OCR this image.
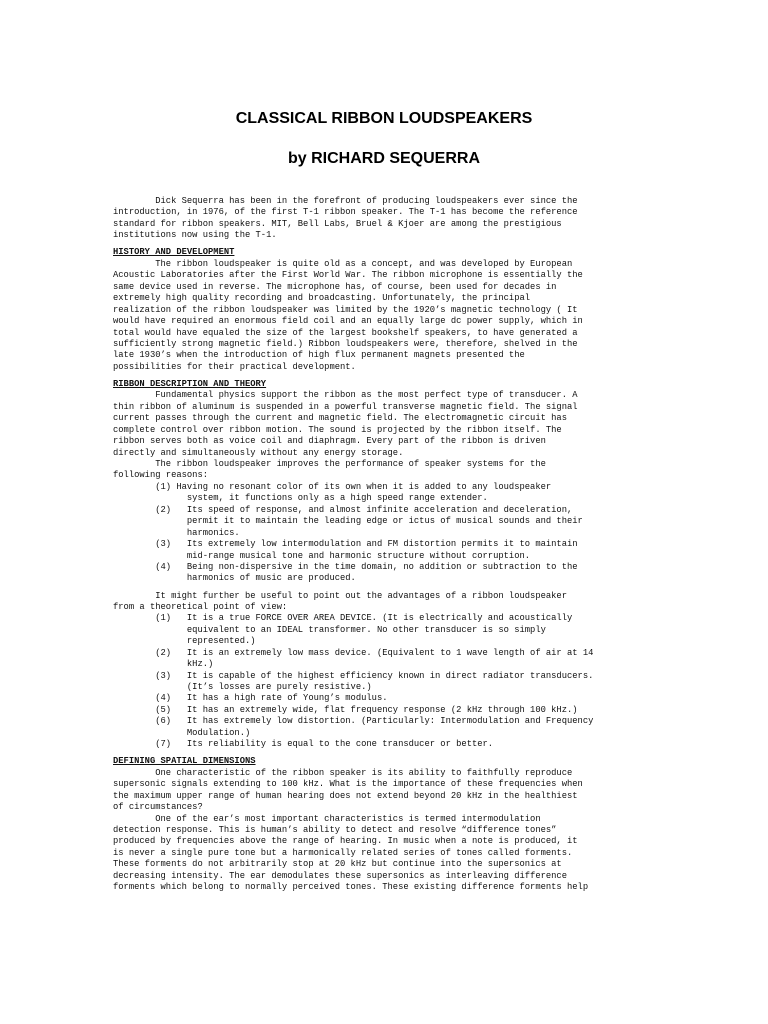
CLASSICAL RIBBON LOUDSPEAKERS
by RICHARD SEQUERRA
Dick Sequerra has been in the forefront of producing loudspeakers ever since the
introduction, in 1976, of the first T-1 ribbon speaker. The T-1 has become the reference
standard for ribbon speakers. MIT, Bell Labs, Bruel & Kjoer are among the prestigious
institutions now using the T-1.
HISTORY AND DEVELOPMENT
The ribbon loudspeaker is quite old as a concept, and was developed by European
Acoustic Laboratories after the First World War. The ribbon microphone is essentially the
same device used in reverse. The microphone has, of course, been used for decades in
extremely high quality recording and broadcasting. Unfortunately, the principal
realization of the ribbon loudspeaker was limited by the 1920’s magnetic technology ( It
would have required an enormous field coil and an equally large dc power supply, which in
total would have equaled the size of the largest bookshelf speakers, to have generated a
sufficiently strong magnetic field.) Ribbon loudspeakers were, therefore, shelved in the
late 1930’s when the introduction of high flux permanent magnets presented the
possibilities for their practical development.
RIBBON DESCRIPTION AND THEORY
Fundamental physics support the ribbon as the most perfect type of transducer. A
thin ribbon of aluminum is suspended in a powerful transverse magnetic field. The signal
current passes through the current and magnetic field. The electromagnetic circuit has
complete control over ribbon motion. The sound is projected by the ribbon itself. The
ribbon serves both as voice coil and diaphragm. Every part of the ribbon is driven
directly and simultaneously without any energy storage.
The ribbon loudspeaker improves the performance of speaker systems for the
following reasons:
(1) Having no resonant color of its own when it is added to any loudspeaker
system, it functions only as a high speed range extender.
(2)   Its speed of response, and almost infinite acceleration and deceleration,
permit it to maintain the leading edge or ictus of musical sounds and their
harmonics.
(3)   Its extremely low intermodulation and FM distortion permits it to maintain
mid-range musical tone and harmonic structure without corruption.
(4)   Being non-dispersive in the time domain, no addition or subtraction to the
harmonics of music are produced.
It might further be useful to point out the advantages of a ribbon loudspeaker
from a theoretical point of view:
(1)   It is a true FORCE OVER AREA DEVICE. (It is electrically and acoustically
equivalent to an IDEAL transformer. No other transducer is so simply
represented.)
(2)   It is an extremely low mass device. (Equivalent to 1 wave length of air at 14
kHz.)
(3)   It is capable of the highest efficiency known in direct radiator transducers.
(It’s losses are purely resistive.)
(4)   It has a high rate of Young’s modulus.
(5)   It has an extremely wide, flat frequency response (2 kHz through 100 kHz.)
(6)   It has extremely low distortion. (Particularly: Intermodulation and Frequency
Modulation.)
(7)   Its reliability is equal to the cone transducer or better.
DEFINING SPATIAL DIMENSIONS
One characteristic of the ribbon speaker is its ability to faithfully reproduce
supersonic signals extending to 100 kHz. What is the importance of these frequencies when
the maximum upper range of human hearing does not extend beyond 20 kHz in the healthiest
of circumstances?
One of the ear’s most important characteristics is termed intermodulation
detection response. This is human’s ability to detect and resolve “difference tones”
produced by frequencies above the range of hearing. In music when a note is produced, it
is never a single pure tone but a harmonically related series of tones called forments.
These forments do not arbitrarily stop at 20 kHz but continue into the supersonics at
decreasing intensity. The ear demodulates these supersonics as interleaving difference
forments which belong to normally perceived tones. These existing difference forments help
